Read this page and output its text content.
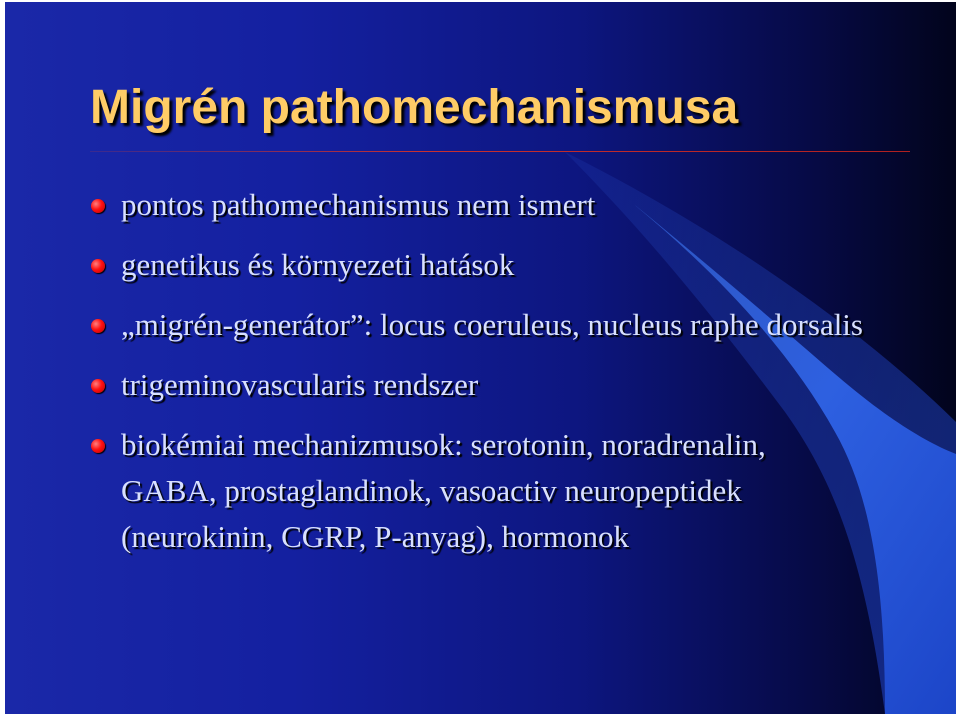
Migrén pathomechanismusa
pontos pathomechanismus nem ismert
genetikus és környezeti hatások
„migrén-generátor”: locus coeruleus, nucleus raphe dorsalis
trigeminovascularis rendszer
biokémiai mechanizmusok: serotonin, noradrenalin, GABA, prostaglandinok, vasoactiv neuropeptidek (neurokinin, CGRP, P-anyag), hormonok
